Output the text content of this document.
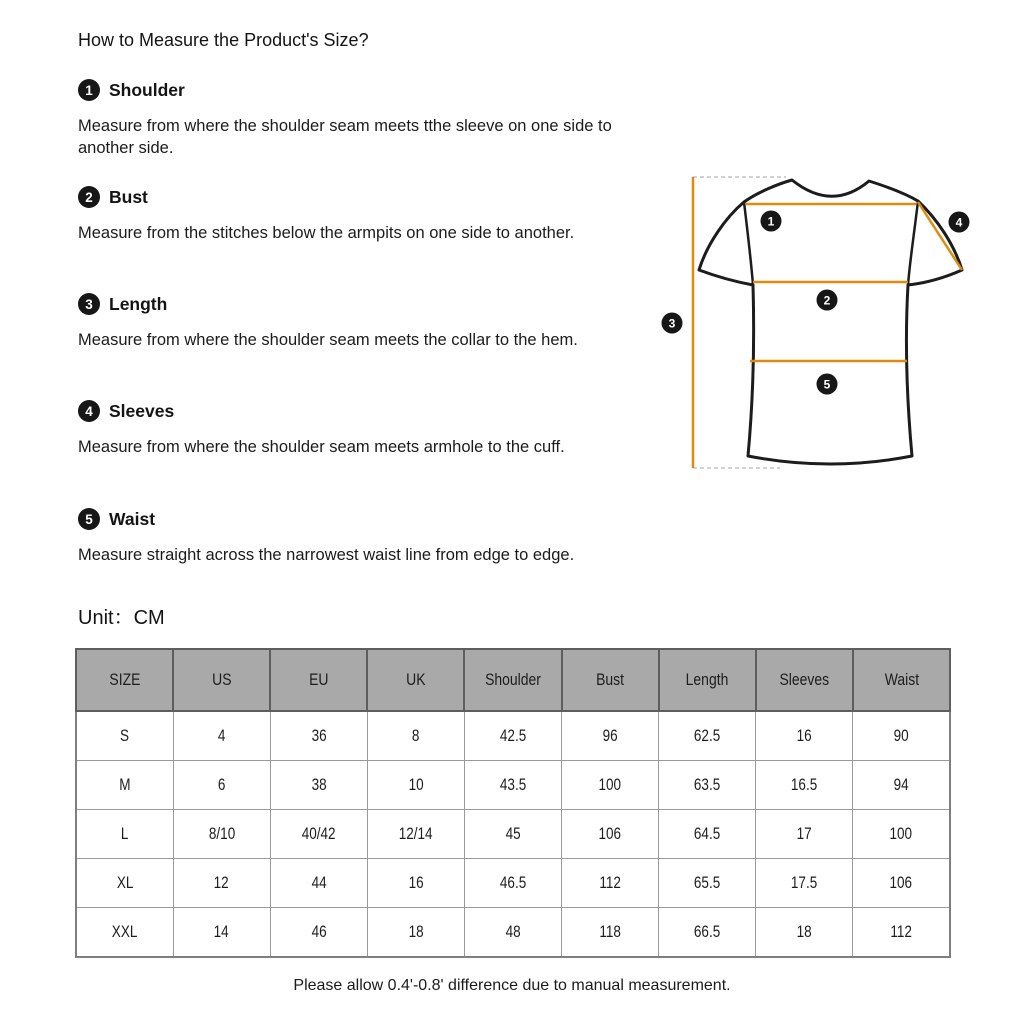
How to Measure the Product's Size?
1 Shoulder
Measure from where the shoulder seam meets tthe sleeve on one side to another side.
2 Bust
Measure from the stitches below the armpits on one side to another.
3 Length
Measure from where the shoulder seam meets the collar to the hem.
4 Sleeves
Measure from where the shoulder seam meets armhole to the cuff.
5 Waist
Measure straight across the narrowest waist line from edge to edge.
Unit：CM
1
2
3
4
5
SIZE	US	EU	UK	Shoulder	Bust	Length	Sleeves	Waist
S	4	36	8	42.5	96	62.5	16	90
M	6	38	10	43.5	100	63.5	16.5	94
L	8/10	40/42	12/14	45	106	64.5	17	100
XL	12	44	16	46.5	112	65.5	17.5	106
XXL	14	46	18	48	118	66.5	18	112
Please allow 0.4'-0.8' difference due to manual measurement.
